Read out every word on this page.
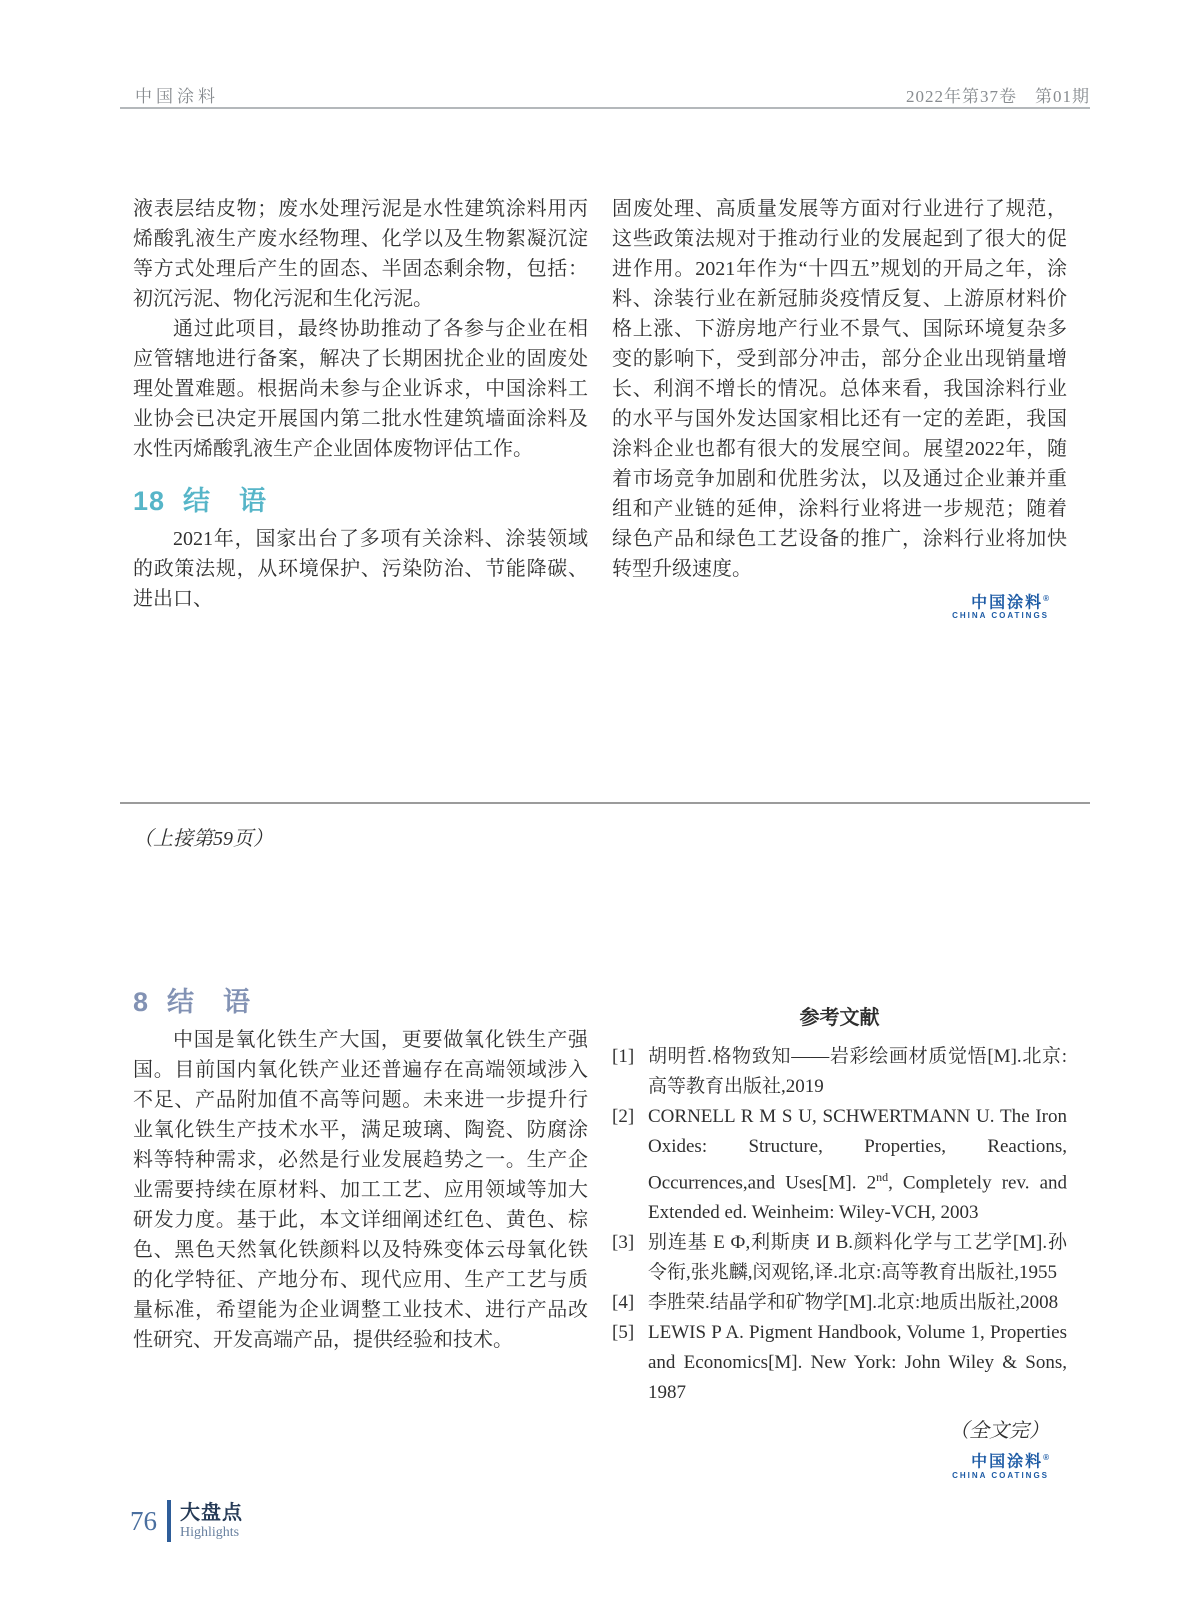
中国涂料	2022年第37卷　第01期

液表层结皮物；废水处理污泥是水性建筑涂料用丙烯酸乳液生产废水经物理、化学以及生物絮凝沉淀等方式处理后产生的固态、半固态剩余物，包括：初沉污泥、物化污泥和生化污泥。

通过此项目，最终协助推动了各参与企业在相应管辖地进行备案，解决了长期困扰企业的固废处理处置难题。根据尚未参与企业诉求，中国涂料工业协会已决定开展国内第二批水性建筑墙面涂料及水性丙烯酸乳液生产企业固体废物评估工作。

18 结　语

2021年，国家出台了多项有关涂料、涂装领域的政策法规，从环境保护、污染防治、节能降碳、进出口、

固废处理、高质量发展等方面对行业进行了规范，这些政策法规对于推动行业的发展起到了很大的促进作用。2021年作为“十四五”规划的开局之年，涂料、涂装行业在新冠肺炎疫情反复、上游原材料价格上涨、下游房地产行业不景气、国际环境复杂多变的影响下，受到部分冲击，部分企业出现销量增长、利润不增长的情况。总体来看，我国涂料行业的水平与国外发达国家相比还有一定的差距，我国涂料企业也都有很大的发展空间。展望2022年，随着市场竞争加剧和优胜劣汰，以及通过企业兼并重组和产业链的延伸，涂料行业将进一步规范；随着绿色产品和绿色工艺设备的推广，涂料行业将加快转型升级速度。

中国涂料®
CHINA COATINGS
（上接第59页）
8 结　语

中国是氧化铁生产大国，更要做氧化铁生产强国。目前国内氧化铁产业还普遍存在高端领域涉入不足、产品附加值不高等问题。未来进一步提升行业氧化铁生产技术水平，满足玻璃、陶瓷、防腐涂料等特种需求，必然是行业发展趋势之一。生产企业需要持续在原材料、加工工艺、应用领域等加大研发力度。基于此，本文详细阐述红色、黄色、棕色、黑色天然氧化铁颜料以及特殊变体云母氧化铁的化学特征、产地分布、现代应用、生产工艺与质量标准，希望能为企业调整工业技术、进行产品改性研究、开发高端产品，提供经验和技术。

参考文献
[1] 胡明哲.格物致知——岩彩绘画材质觉悟[M].北京:高等教育出版社,2019
[2] CORNELL R M S U, SCHWERTMANN U. The Iron Oxides: Structure, Properties, Reactions, Occurrences,and Uses[M]. 2nd, Completely rev. and Extended ed. Weinheim: Wiley-VCH, 2003
[3] 别连基 Е Ф,利斯庚 И В.颜料化学与工艺学[M].孙令衔,张兆麟,闵观铭,译.北京:高等教育出版社,1955
[4] 李胜荣.结晶学和矿物学[M].北京:地质出版社,2008
[5] LEWIS P A. Pigment Handbook, Volume 1, Properties and Economics[M]. New York: John Wiley & Sons, 1987
（全文完）
中国涂料®
CHINA COATINGS
76 大盘点
Highlights
